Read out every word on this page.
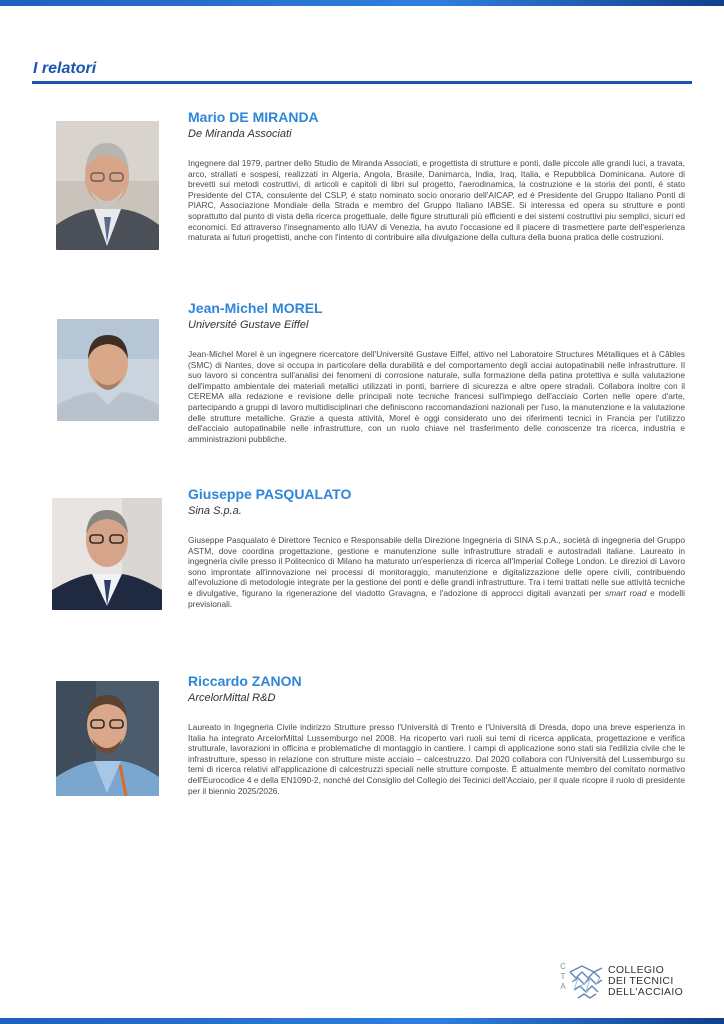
I relatori
Mario DE MIRANDA

De Miranda Associati

Ingegnere dal 1979, partner dello Studio de Miranda Associati, e progettista di strutture e ponti, dalle piccole alle grandi luci, a travata, arco, strallati e sospesi, realizzati in Algeria, Angola, Brasile, Danimarca, India, Iraq, Italia, e Repubblica Dominicana. Autore di brevetti sui metodi costruttivi, di articoli e capitoli di libri sul progetto, l'aerodinamica, la costruzione e la storia dei ponti, é stato Presidente del CTA, consulente del CSLP, é stato nominato socio onorario dell'AICAP, ed é Presidente del Gruppo Italiano Ponti di PIARC, Associazione Mondiale della Strada e membro del Gruppo Italiano IABSE. Si interessa ed opera su strutture e ponti soprattutto dal punto di vista della ricerca progettuale, delle figure strutturali più efficienti e dei sistemi costruttivi piu semplici, sicuri ed economici. Ed attraverso l'insegnamento allo IUAV di Venezia, ha avuto l'occasione ed il piacere di trasmettere parte dell'esperienza maturata ai futuri progettisti, anche con l'intento di contribuire alla divulgazione della cultura della buona pratica delle costruzioni.

Jean-Michel MOREL

Université Gustave Eiffel

Jean-Michel Morel è un ingegnere ricercatore dell'Université Gustave Eiffel, attivo nel Laboratoire Structures Métalliques et à Câbles (SMC) di Nantes, dove si occupa in particolare della durabilità e del comportamento degli acciai autopatinabili nelle infrastrutture. Il suo lavoro si concentra sull'analisi dei fenomeni di corrosione naturale, sulla formazione della patina protettiva e sulla valutazione dell'impatto ambientale dei materiali metallici utilizzati in ponti, barriere di sicurezza e altre opere stradali. Collabora inoltre con il CEREMA alla redazione e revisione delle principali note tecniche francesi sull'impiego dell'acciaio Corten nelle opere d'arte, partecipando a gruppi di lavoro multidisciplinari che definiscono raccomandazioni nazionali per l'uso, la manutenzione e la valutazione delle strutture metalliche. Grazie a questa attività, Morel è oggi considerato uno dei riferimenti tecnici in Francia per l'utilizzo dell'acciaio autopatinabile nelle infrastrutture, con un ruolo chiave nel trasferimento delle conoscenze tra ricerca, industria e amministrazioni pubbliche.

Giuseppe PASQUALATO

Sina S.p.a.

Giuseppe Pasqualato è Direttore Tecnico e Responsabile della Direzione Ingegneria di SINA S.p.A., società di ingegneria del Gruppo ASTM, dove coordina progettazione, gestione e manutenzione sulle infrastrutture stradali e autostradali italiane. Laureato in ingegneria civile presso il Politecnico di Milano ha maturato un'esperienza di ricerca all'Imperial College London. Le direzioi di Lavoro sono improntate all'innovazione nei processi di monitoraggio, manutenzione e digitalizzazione delle opere civili, contribuendo all'evoluzione di metodologie integrate per la gestione dei ponti e delle grandi infrastrutture. Tra i temi trattati nelle sue attività tecniche e divulgative, figurano la rigenerazione del viadotto Gravagna, e l'adozione di approcci digitali avanzati per smart road e modelli previsionali.

Riccardo ZANON

ArcelorMittal R&D

Laureato in Ingegneria Civile indirizzo Strutture presso l'Università di Trento e l'Università di Dresda, dopo una breve esperienza in Italia ha integrato ArcelorMittal Lussemburgo nel 2008. Ha ricoperto vari ruoli sui temi di ricerca applicata, progettazione e verifica strutturale, lavorazioni in officina e problematiche di montaggio in cantiere. I campi di applicazione sono stati sia l'edilizia civile che le infrastrutture, spesso in relazione con strutture miste acciaio – calcestruzzo. Dal 2020 collabora con l'Università del Lussemburgo su temi di ricerca relativi all'applicazione di calcestruzzi speciali nelle strutture composte. È attualmente membro del comitato normativo dell'Eurocodice 4 e della EN1090-2, nonché del Consiglio del Collegio dei Tecinici dell'Acciaio, per il quale ricopre il ruolo di presidente per il biennio 2025/2026.

C
T
A
COLLEGIO
DEI TECNICI
DELL'ACCIAIO
